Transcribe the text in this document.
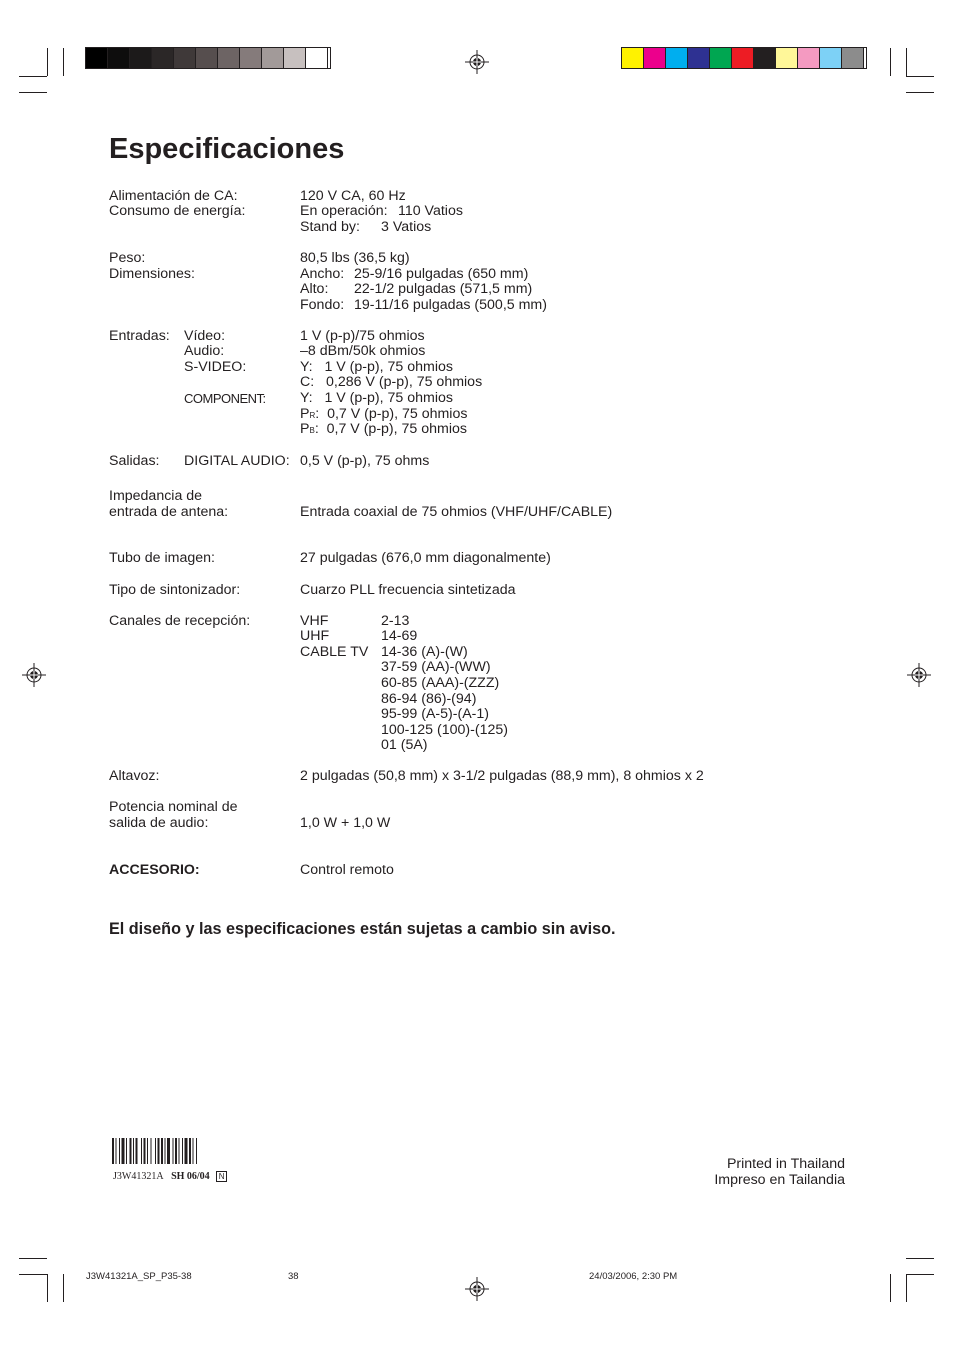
Especificaciones
Alimentación de CA:	120 V CA, 60 Hz
Consumo de energía:	En operación: 110 Vatios
Stand by: 3 Vatios
Peso:	80,5 lbs (36,5 kg)
Dimensiones:	Ancho: 25-9/16 pulgadas (650 mm)
Alto: 22-1/2 pulgadas (571,5 mm)
Fondo: 19-11/16 pulgadas (500,5 mm)
Entradas: Vídeo:	1 V (p-p)/75 ohmios
Audio:	–8 dBm/50k ohmios
S-VIDEO:	Y:   1 V (p-p), 75 ohmios
C:   0,286 V (p-p), 75 ohmios
COMPONENT: Y:   1 V (p-p), 75 ohmios
PR:  0,7 V (p-p), 75 ohmios
PB:  0,7 V (p-p), 75 ohmios
Salidas: DIGITAL AUDIO: 0,5 V (p-p), 75 ohms
Impedancia de
entrada de antena:	Entrada coaxial de 75 ohmios (VHF/UHF/CABLE)
Tubo de imagen:	27 pulgadas (676,0 mm diagonalmente)
Tipo de sintonizador:	Cuarzo PLL frecuencia sintetizada
Canales de recepción:	VHF	2-13
UHF	14-69
CABLE TV 14-36 (A)-(W)
37-59 (AA)-(WW)
60-85 (AAA)-(ZZZ)
86-94 (86)-(94)
95-99 (A-5)-(A-1)
100-125 (100)-(125)
01 (5A)
Altavoz:	2 pulgadas (50,8 mm) x 3-1/2 pulgadas (88,9 mm), 8 ohmios x 2
Potencia nominal de
salida de audio:	1,0 W + 1,0 W
ACCESORIO:	Control remoto
El diseño y las especificaciones están sujetas a cambio sin aviso.
J3W41321A SH 06/04 N
Printed in Thailand
Impreso en Tailandia
J3W41321A_SP_P35-38	38	24/03/2006, 2:30 PM
